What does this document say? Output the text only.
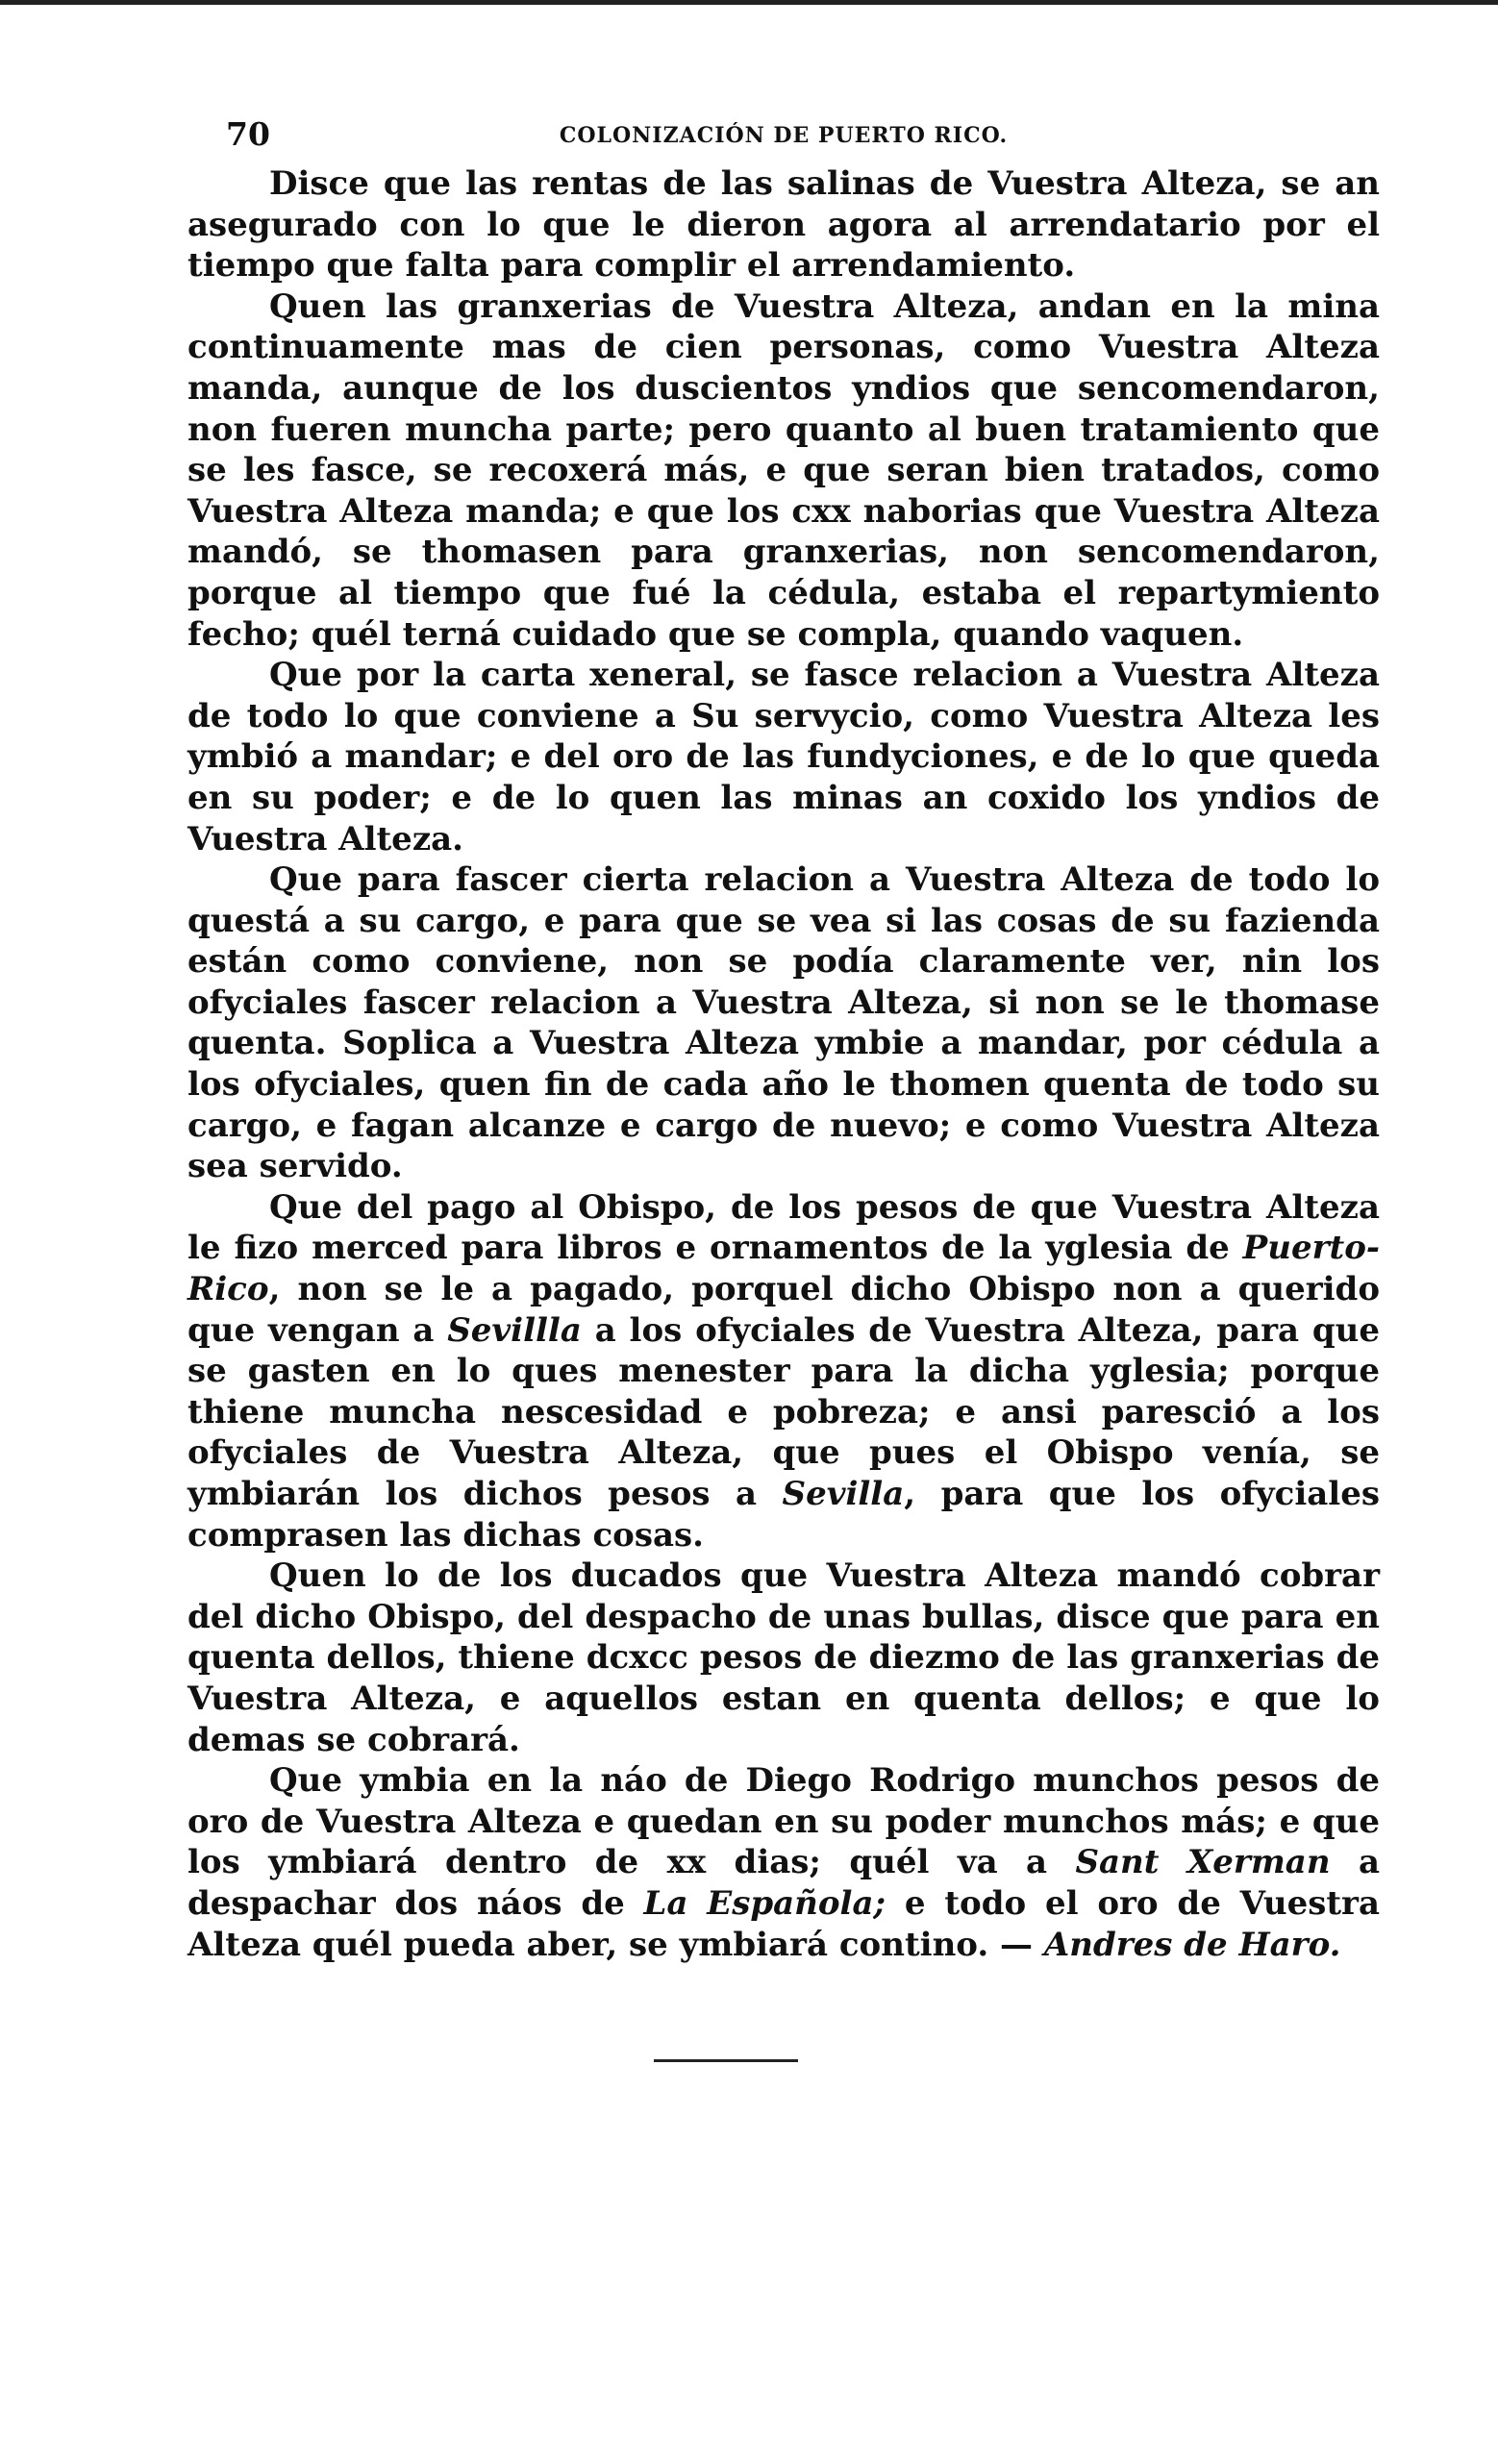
70	COLONIZACIÓN DE PUERTO RICO.

Disce que las rentas de las salinas de Vuestra Alteza, se an asegurado con lo que le dieron agora al arrendatario por el tiempo que falta para complir el arrendamiento.

Quen las granxerias de Vuestra Alteza, andan en la mina continuamente mas de cien personas, como Vuestra Alteza manda, aunque de los duscientos yndios que sencomendaron, non fueren muncha parte; pero quanto al buen tratamiento que se les fasce, se recoxerá más, e que seran bien tratados, como Vuestra Alteza manda; e que los cxx naborias que Vuestra Alteza mandó, se thomasen para granxerias, non sencomendaron, porque al tiempo que fué la cédula, estaba el repartymiento fecho; quél terná cuidado que se compla, quando vaquen.

Que por la carta xeneral, se fasce relacion a Vuestra Alteza de todo lo que conviene a Su servycio, como Vuestra Alteza les ymbió a mandar; e del oro de las fundyciones, e de lo que queda en su poder; e de lo quen las minas an coxido los yndios de Vuestra Alteza.

Que para fascer cierta relacion a Vuestra Alteza de todo lo questá a su cargo, e para que se vea si las cosas de su fazienda están como conviene, non se podía claramente ver, nin los ofyciales fascer relacion a Vuestra Alteza, si non se le thomase quenta. Soplica a Vuestra Alteza ymbie a mandar, por cédula a los ofyciales, quen fin de cada año le thomen quenta de todo su cargo, e fagan alcanze e cargo de nuevo; e como Vuestra Alteza sea servido.

Que del pago al Obispo, de los pesos de que Vuestra Alteza le fizo merced para libros e ornamentos de la yglesia de Puerto-Rico, non se le a pagado, porquel dicho Obispo non a querido que vengan a Sevillla a los ofyciales de Vuestra Alteza, para que se gasten en lo ques menester para la dicha yglesia; porque thiene muncha nescesidad e pobreza; e ansi paresció a los ofyciales de Vuestra Alteza, que pues el Obispo venía, se ymbiarán los dichos pesos a Sevilla, para que los ofyciales comprasen las dichas cosas.

Quen lo de los ducados que Vuestra Alteza mandó cobrar del dicho Obispo, del despacho de unas bullas, disce que para en quenta dellos, thiene dcxcc pesos de diezmo de las granxerias de Vuestra Alteza, e aquellos estan en quenta dellos; e que lo demas se cobrará.

Que ymbia en la náo de Diego Rodrigo munchos pesos de oro de Vuestra Alteza e quedan en su poder munchos más; e que los ymbiará dentro de xx dias; quél va a Sant Xerman a despachar dos náos de La Española; e todo el oro de Vuestra Alteza quél pueda aber, se ymbiará contino. — Andres de Haro.
